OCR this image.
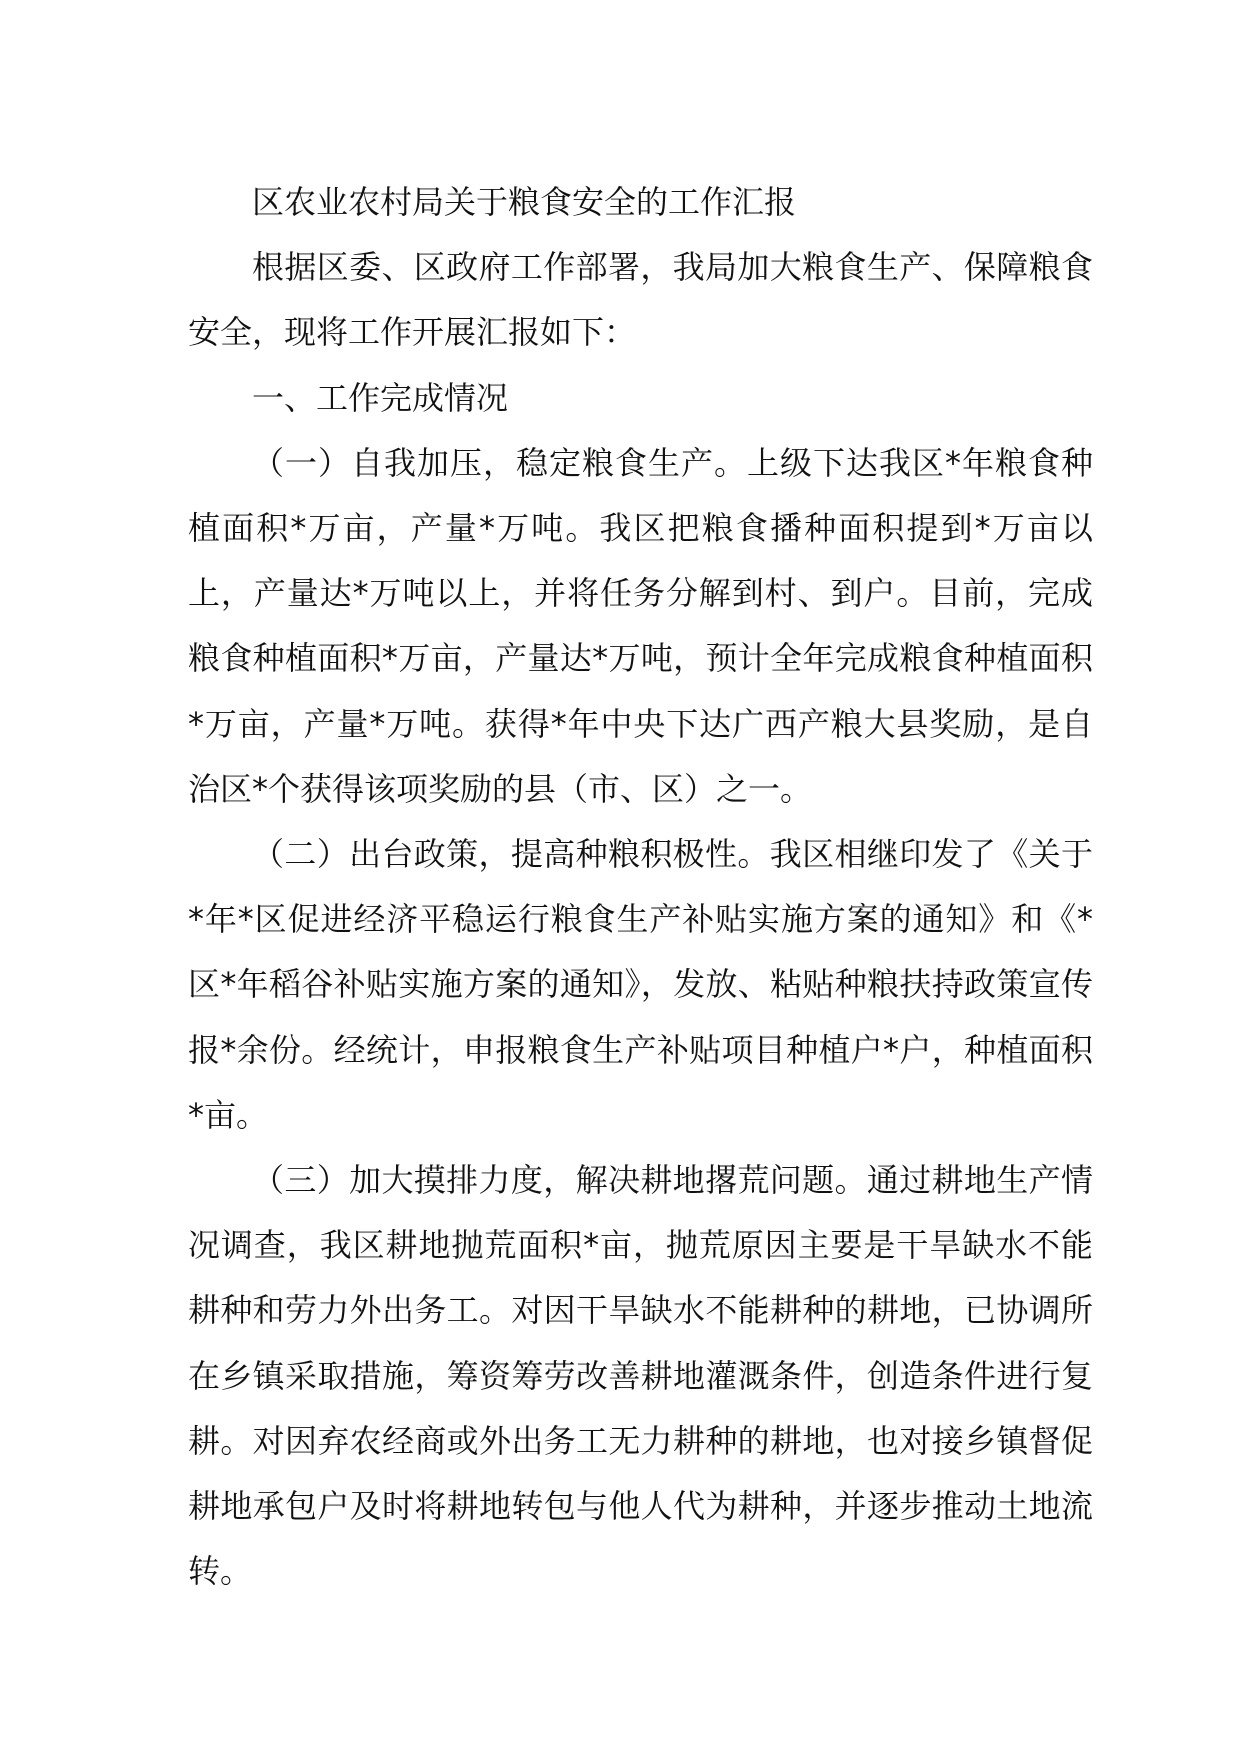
区农业农村局关于粮食安全的工作汇报

根据区委、区政府工作部署，我局加大粮食生产、保障粮食安全，现将工作开展汇报如下：

一、工作完成情况

（一）自我加压，稳定粮食生产。上级下达我区*年粮食种植面积*万亩，产量*万吨。我区把粮食播种面积提到*万亩以上，产量达*万吨以上，并将任务分解到村、到户。目前，完成粮食种植面积*万亩，产量达*万吨，预计全年完成粮食种植面积*万亩，产量*万吨。获得*年中央下达广西产粮大县奖励，是自治区*个获得该项奖励的县（市、区）之一。

（二）出台政策，提高种粮积极性。我区相继印发了《关于*年*区促进经济平稳运行粮食生产补贴实施方案的通知》和《*区*年稻谷补贴实施方案的通知》，发放、粘贴种粮扶持政策宣传报*余份。经统计，申报粮食生产补贴项目种植户*户，种植面积*亩。

（三）加大摸排力度，解决耕地撂荒问题。通过耕地生产情况调查，我区耕地抛荒面积*亩，抛荒原因主要是干旱缺水不能耕种和劳力外出务工。对因干旱缺水不能耕种的耕地，已协调所在乡镇采取措施，筹资筹劳改善耕地灌溉条件，创造条件进行复耕。对因弃农经商或外出务工无力耕种的耕地，也对接乡镇督促耕地承包户及时将耕地转包与他人代为耕种，并逐步推动土地流转。
